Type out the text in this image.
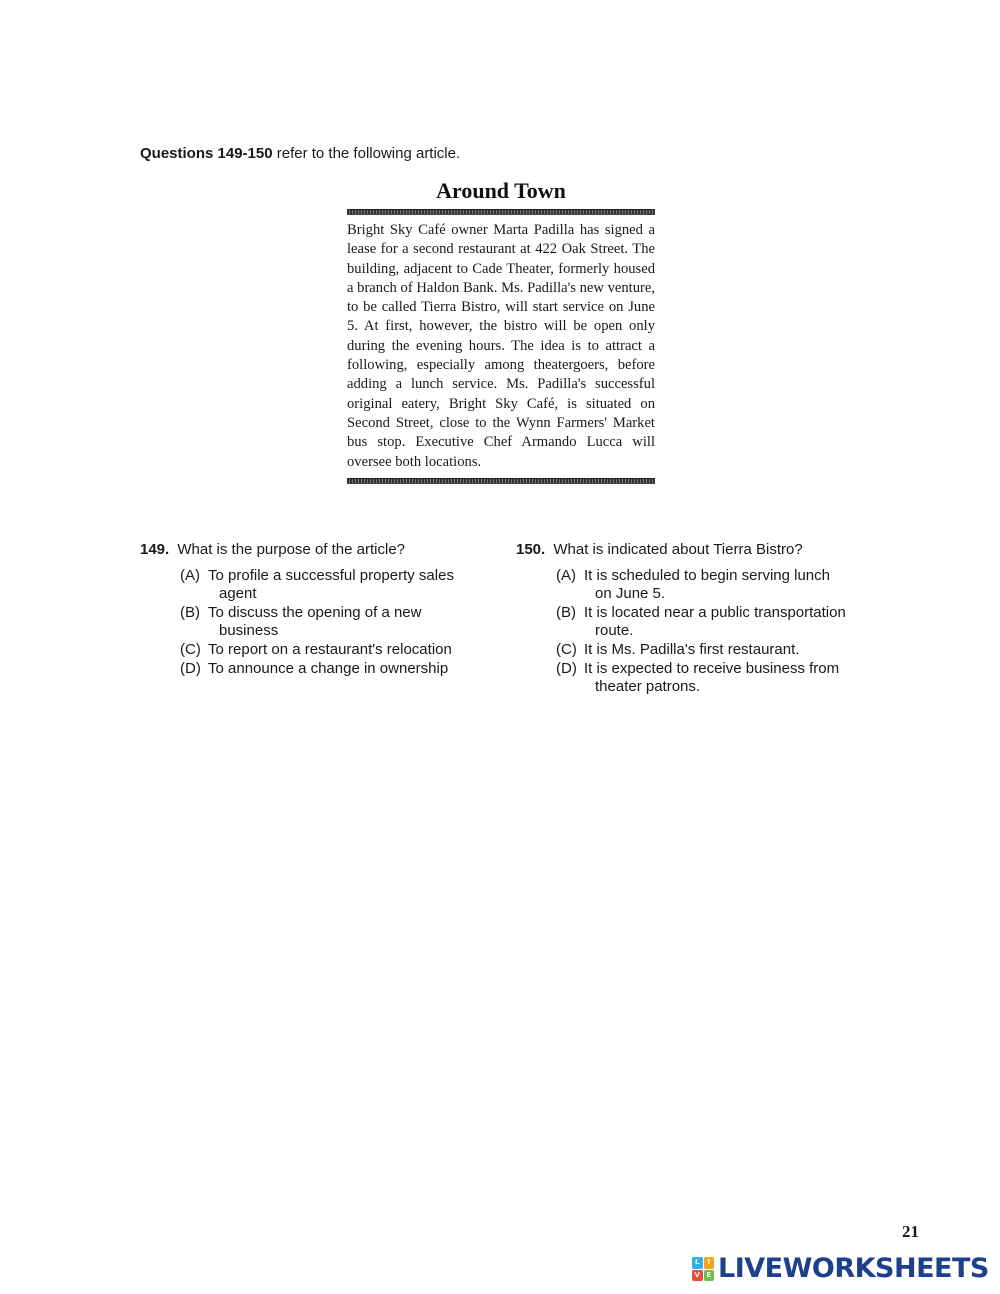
Questions 149-150 refer to the following article.
Around Town
Bright Sky Café owner Marta Padilla has signed a lease for a second restaurant at 422 Oak Street. The building, adjacent to Cade Theater, formerly housed a branch of Haldon Bank. Ms. Padilla's new venture, to be called Tierra Bistro, will start service on June 5. At first, however, the bistro will be open only during the evening hours. The idea is to attract a following, especially among theatergoers, before adding a lunch service. Ms. Padilla's successful original eatery, Bright Sky Café, is situated on Second Street, close to the Wynn Farmers' Market bus stop. Executive Chef Armando Lucca will oversee both locations.
149. What is the purpose of the article?
(A) To profile a successful property sales
agent
(B) To discuss the opening of a new
business
(C) To report on a restaurant's relocation
(D) To announce a change in ownership
150. What is indicated about Tierra Bistro?
(A) It is scheduled to begin serving lunch
on June 5.
(B) It is located near a public transportation
route.
(C) It is Ms. Padilla's first restaurant.
(D) It is expected to receive business from
theater patrons.
21
L	I
V E LIVEWORKSHEETS
